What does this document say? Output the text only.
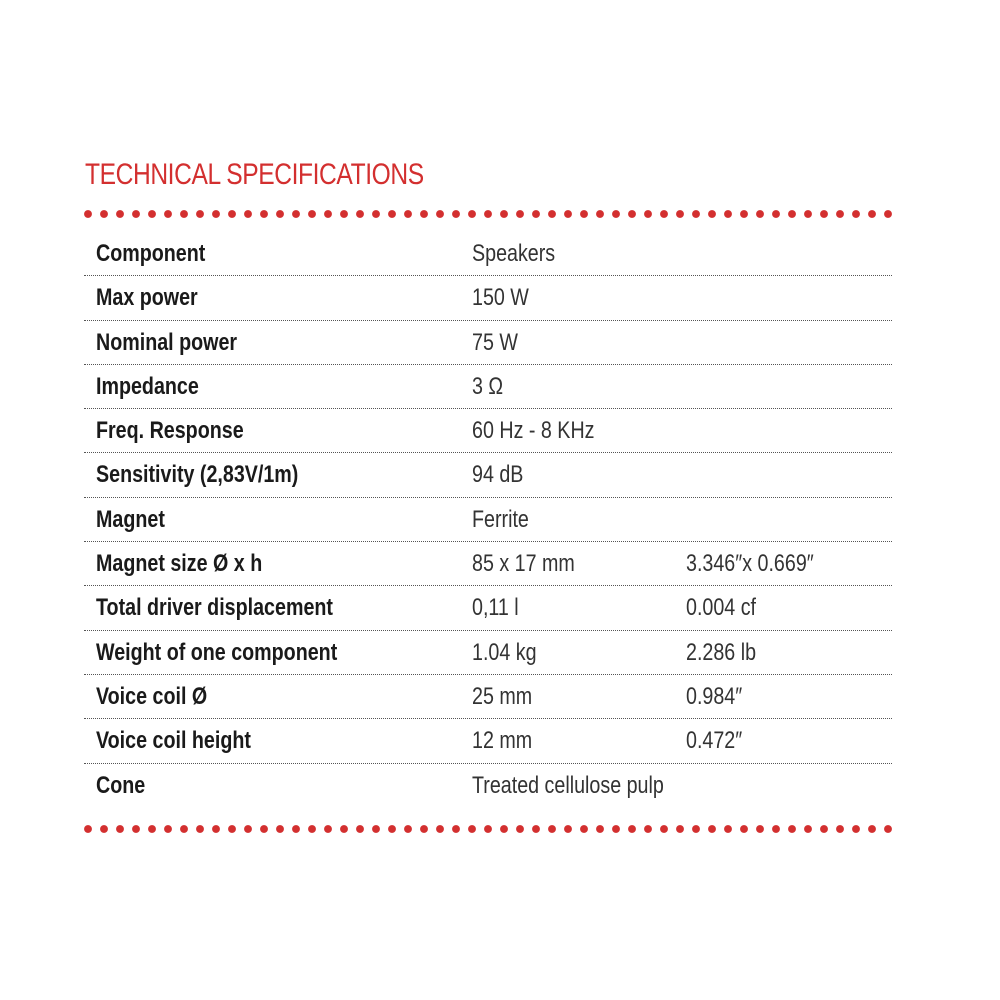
TECHNICAL SPECIFICATIONS
Component	Speakers
Max power	150 W
Nominal power	75 W
Impedance	3 Ω
Freq. Response	60 Hz - 8 KHz
Sensitivity (2,83V/1m)	94 dB
Magnet	Ferrite
Magnet size Ø x h	85 x 17 mm	3.346″x 0.669″
Total driver displacement	0,11 l	0.004 cf
Weight of one component	1.04 kg	2.286 lb
Voice coil Ø	25 mm	0.984″
Voice coil height	12 mm	0.472″
Cone	Treated cellulose pulp
